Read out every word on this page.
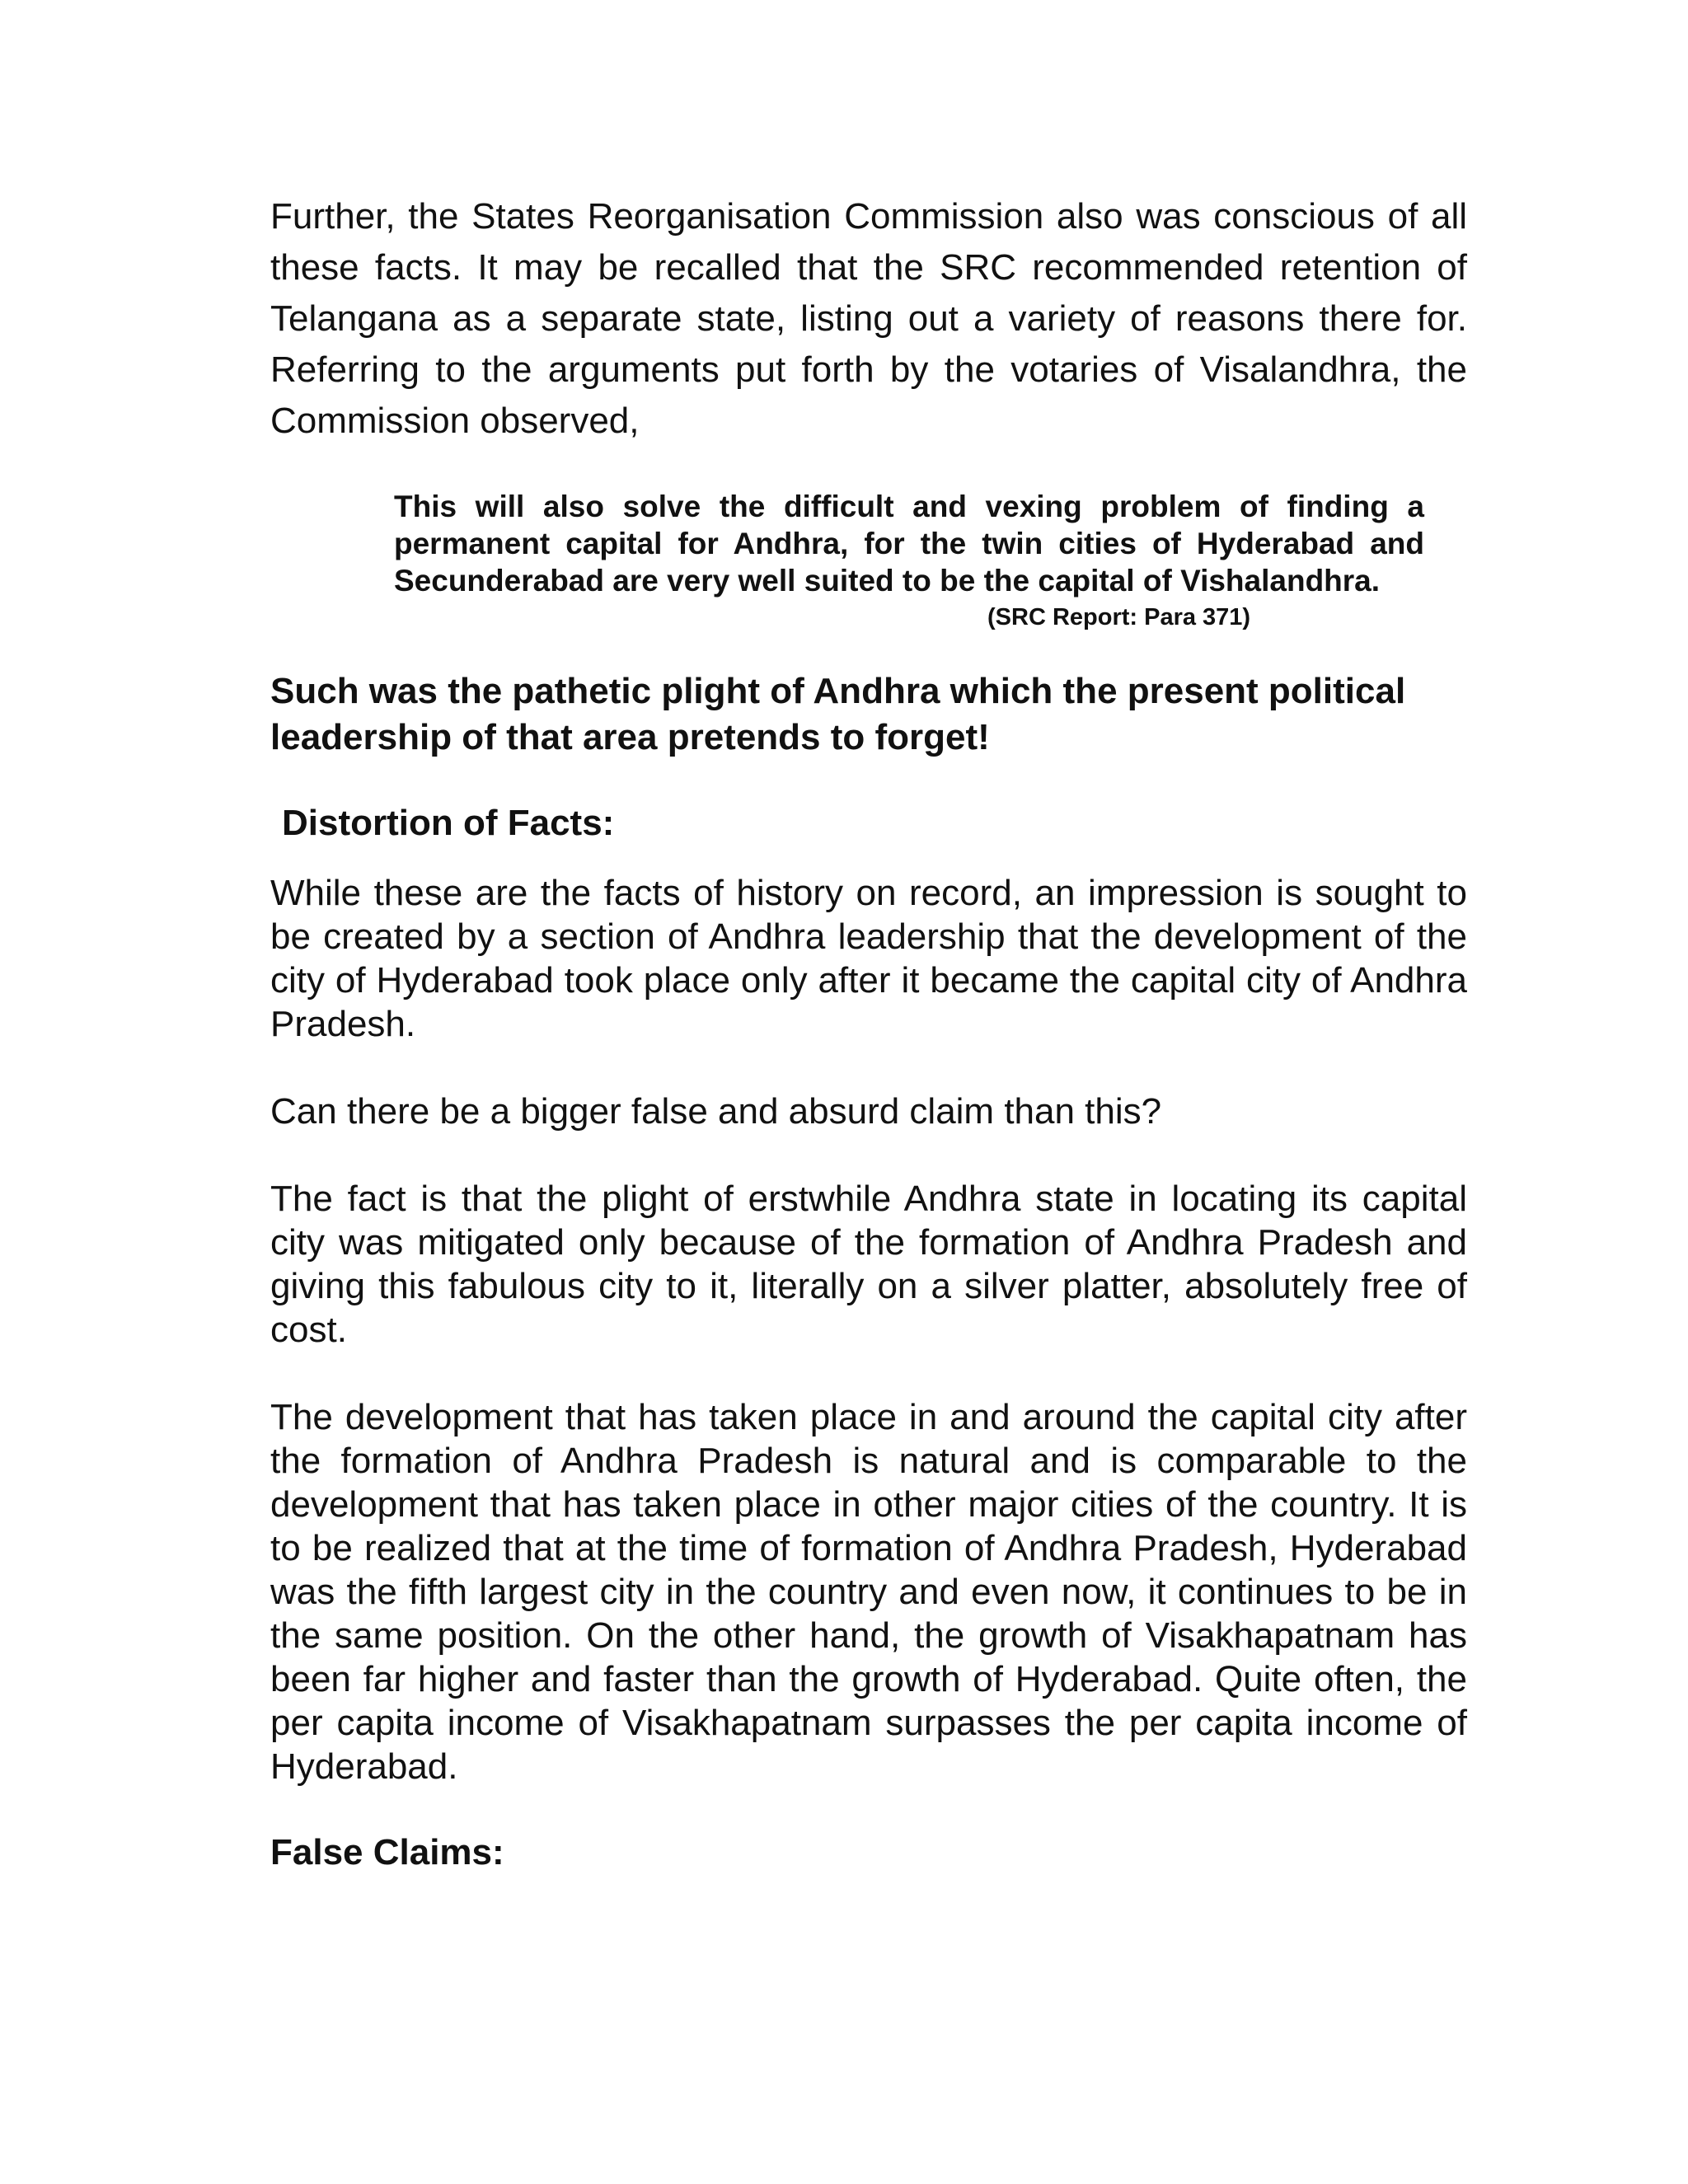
Further, the States Reorganisation Commission also was conscious of all these facts. It may be recalled that the SRC recommended retention of Telangana as a separate state, listing out a variety of reasons there for. Referring to the arguments put forth by the votaries of Visalandhra, the Commission observed,

This will also solve the difficult and vexing problem of finding a permanent capital for Andhra, for the twin cities of Hyderabad and Secunderabad are very well suited to be the capital of Vishalandhra.

(SRC Report: Para 371)

Such was the pathetic plight of Andhra which the present political leadership of that area pretends to forget!

Distortion of Facts:

While these are the facts of history on record, an impression is sought to be created by a section of Andhra leadership that the development of the city of Hyderabad took place only after it became the capital city of Andhra Pradesh.

Can there be a bigger false and absurd claim than this?

The fact is that the plight of erstwhile Andhra state in locating its capital city was mitigated only because of the formation of Andhra Pradesh and giving this fabulous city to it, literally on a silver platter, absolutely free of cost.

The development that has taken place in and around the capital city after the formation of Andhra Pradesh is natural and is comparable to the development that has taken place in other major cities of the country. It is to be realized that at the time of formation of Andhra Pradesh, Hyderabad was the fifth largest city in the country and even now, it continues to be in the same position. On the other hand, the growth of Visakhapatnam has been far higher and faster than the growth of Hyderabad. Quite often, the per capita income of Visakhapatnam surpasses the per capita income of Hyderabad.

False Claims:
